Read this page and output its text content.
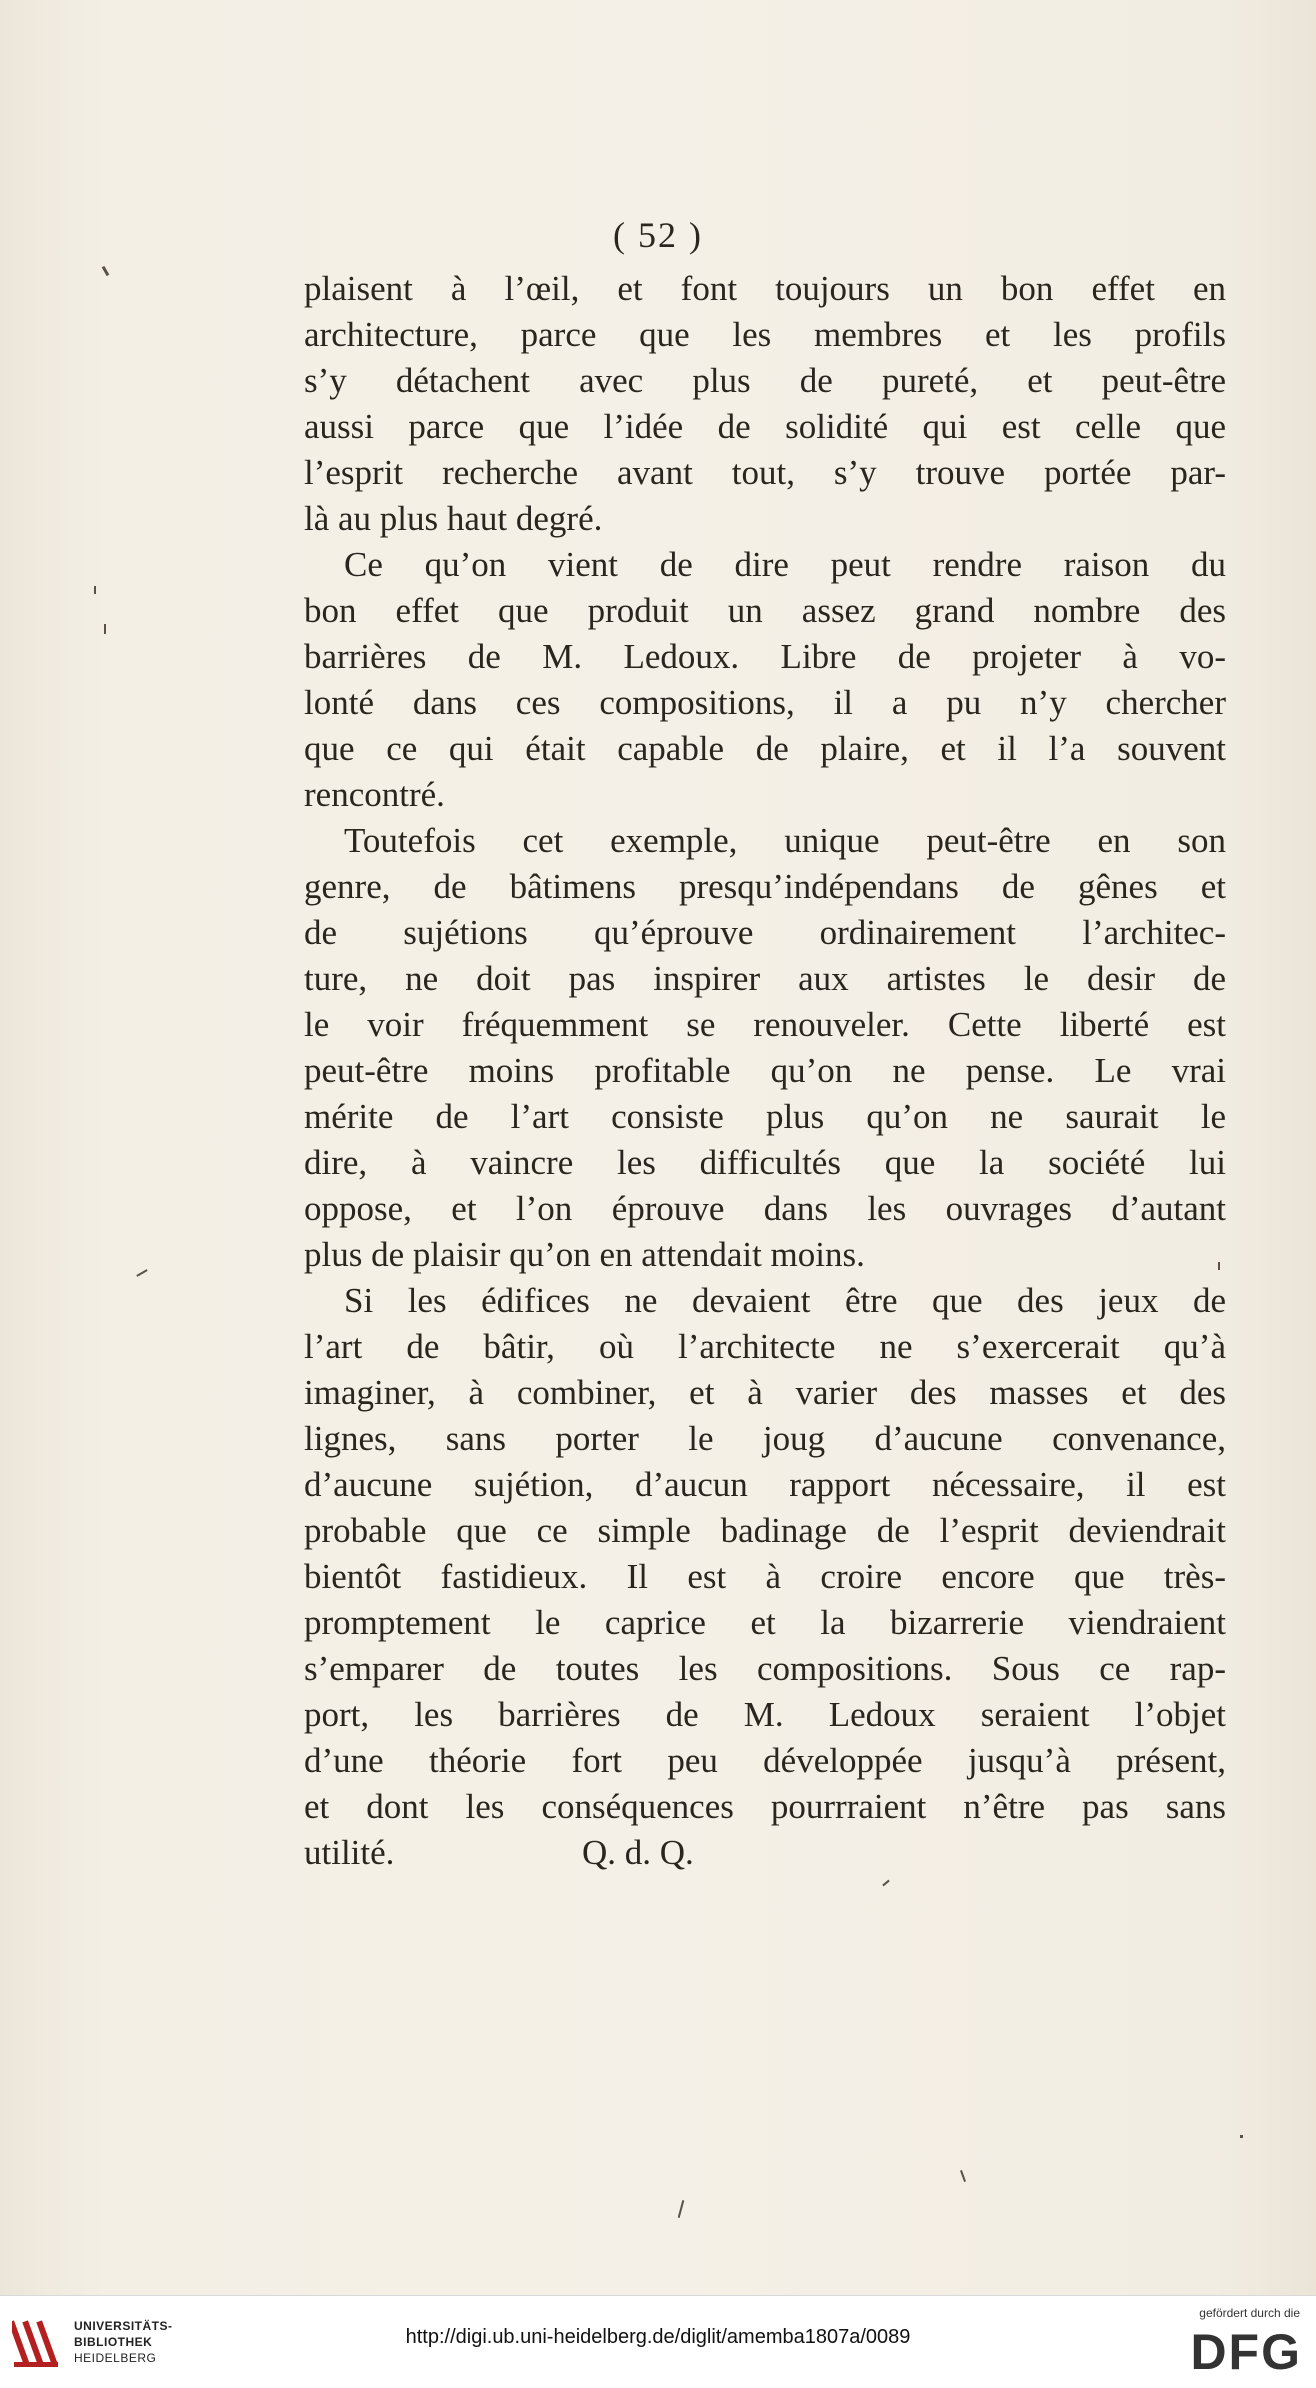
( 52 )
plaisent à l’œil, et font toujours un bon effet en
architecture, parce que les membres et les profils
s’y détachent avec plus de pureté, et peut-être
aussi parce que l’idée de solidité qui est celle que
l’esprit recherche avant tout, s’y trouve portée par-
là au plus haut degré.
Ce qu’on vient de dire peut rendre raison du
bon effet que produit un assez grand nombre des
barrières de M. Ledoux. Libre de projeter à vo-
lonté dans ces compositions, il a pu n’y chercher
que ce qui était capable de plaire, et il l’a souvent
rencontré.
Toutefois cet exemple, unique peut-être en son
genre, de bâtimens presqu’indépendans de gênes et
de sujétions qu’éprouve ordinairement l’architec-
ture, ne doit pas inspirer aux artistes le desir de
le voir fréquemment se renouveler. Cette liberté est
peut-être moins profitable qu’on ne pense. Le vrai
mérite de l’art consiste plus qu’on ne saurait le
dire, à vaincre les difficultés que la société lui
oppose, et l’on éprouve dans les ouvrages d’autant
plus de plaisir qu’on en attendait moins.
Si les édifices ne devaient être que des jeux de
l’art de bâtir, où l’architecte ne s’exercerait qu’à
imaginer, à combiner, et à varier des masses et des
lignes, sans porter le joug d’aucune convenance,
d’aucune sujétion, d’aucun rapport nécessaire, il est
probable que ce simple badinage de l’esprit deviendrait
bientôt fastidieux. Il est à croire encore que très-
promptement le caprice et la bizarrerie viendraient
s’emparer de toutes les compositions. Sous ce rap-
port, les barrières de M. Ledoux seraient l’objet
d’une théorie fort peu développée jusqu’à présent,
et dont les conséquences pourrraient n’être pas sans
utilité.	Q. d. Q.
UNIVERSITÄTS-
BIBLIOTHEK
HEIDELBERG
http://digi.ub.uni-heidelberg.de/diglit/amemba1807a/0089
gefördert durch die
DFG
